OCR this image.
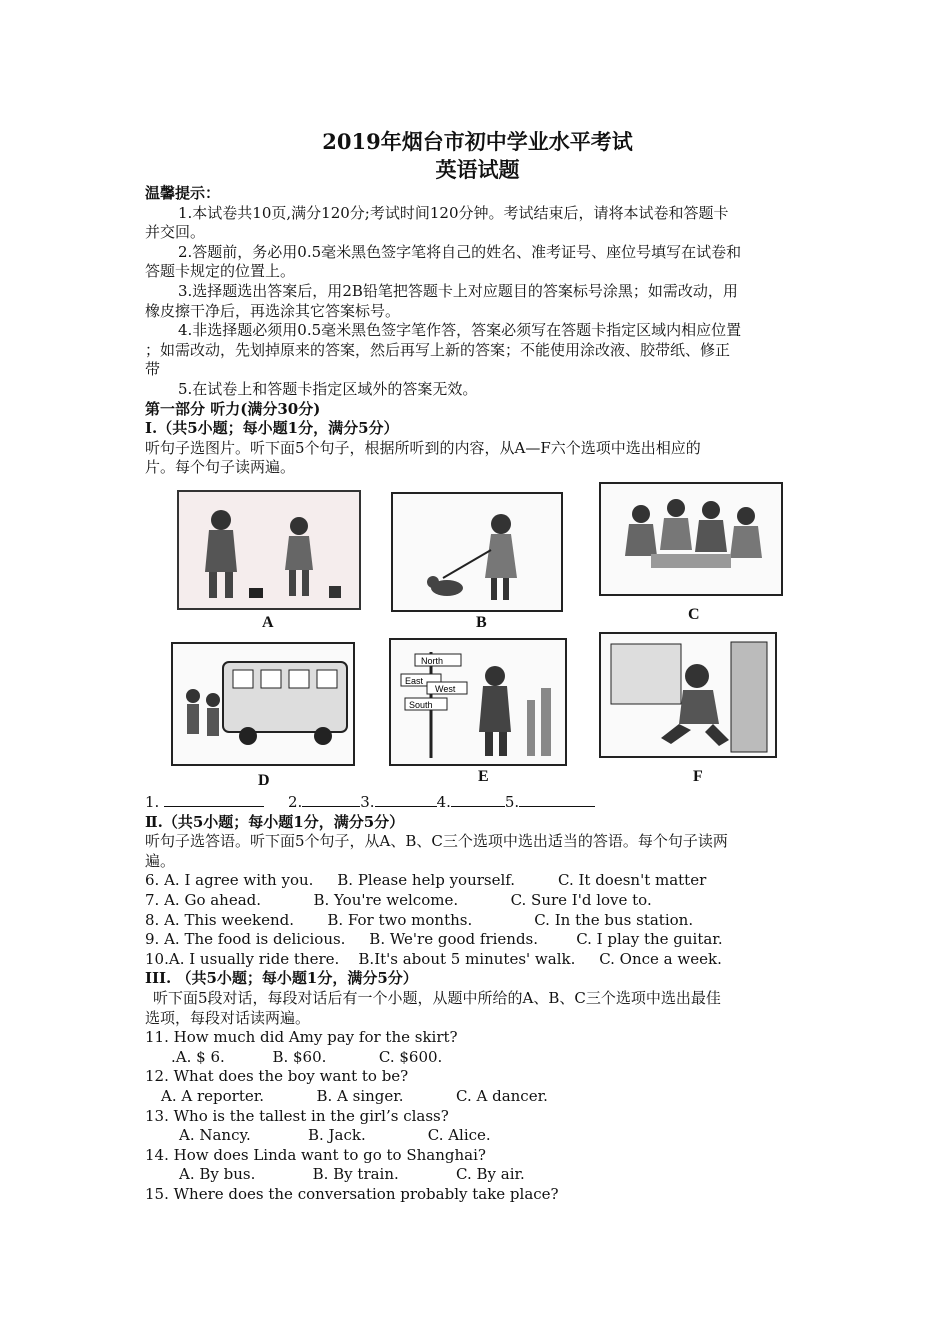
2019年烟台市初中学业水平考试
英语试题
温馨提示：
1.本试卷共10页,满分120分;考试时间120分钟。考试结束后，请将本试卷和答题卡
并交回。
2.答题前，务必用0.5毫米黑色签字笔将自己的姓名、准考证号、座位号填写在试卷和
答题卡规定的位置上。
3.选择题选出答案后，用2B铅笔把答题卡上对应题目的答案标号涂黑；如需改动，用
橡皮擦干净后，再选涂其它答案标号。
4.非选择题必须用0.5毫米黑色签字笔作答，答案必须写在答题卡指定区域内相应位置
；如需改动，先划掉原来的答案，然后再写上新的答案；不能使用涂改液、胶带纸、修正
带
5.在试卷上和答题卡指定区域外的答案无效。
第一部分 听力(满分30分)
Ⅰ.（共5小题；每小题1分，满分5分）
听句子选图片。听下面5个句子，根据所听到的内容，从A—F六个选项中选出相应的
片。每个句子读两遍。
A	B	C
D
North
East
West
South
E	F
1.	2.	3.	4.	5.
Ⅱ.（共5小题；每小题1分，满分5分）
听句子选答语。听下面5个句子，从A、B、C三个选项中选出适当的答语。每个句子读两
遍。
6. A. I agree with you. B. Please help yourself.	C. It doesn't matter
7. A. Go ahead.	B. You're welcome.	C. Sure I'd love to.
8. A. This weekend. B. For two months.	C. In the bus station.
9. A. The food is delicious. B. We're good friends.	C. I play the guitar.
10.A. I usually ride there. B.It's about 5 minutes' walk. C. Once a week.
III. （共5小题；每小题1分，满分5分）
听下面5段对话，每段对话后有一个小题，从题中所给的A、B、C三个选项中选出最佳
选项，每段对话读两遍。
11. How much did Amy pay for the skirt?
.A. $ 6.	B. $60.	C. $600.
12. What does the boy want to be?
A. A reporter.	B. A singer.	C. A dancer.
13. Who is the tallest in the girl’s class?
A. Nancy.	B. Jack.	C. Alice.
14. How does Linda want to go to Shanghai?
A. By bus.	B. By train.	C. By air.
15. Where does the conversation probably take place?
